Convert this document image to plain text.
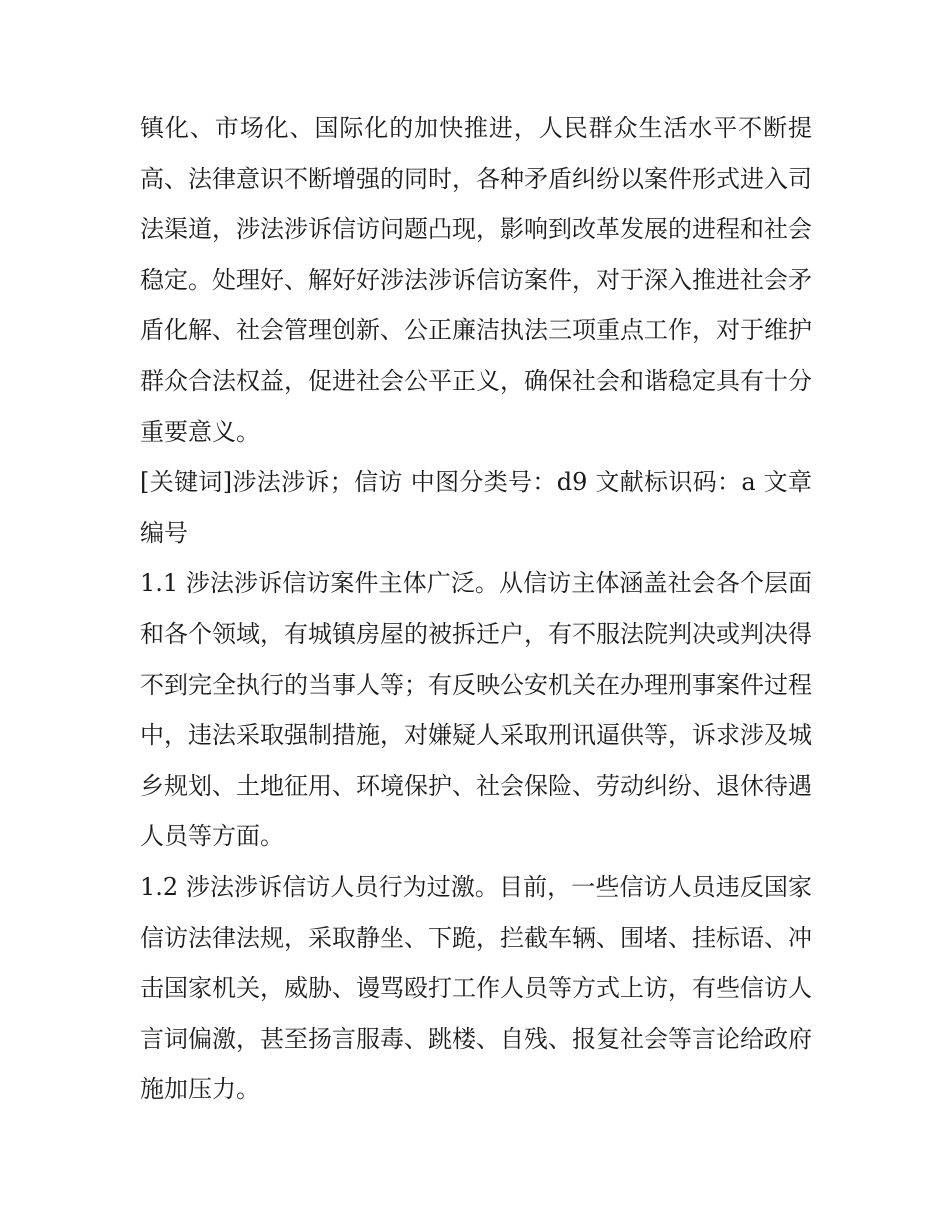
镇化、市场化、国际化的加快推进，人民群众生活水平不断提高、法律意识不断增强的同时，各种矛盾纠纷以案件形式进入司法渠道，涉法涉诉信访问题凸现，影响到改革发展的进程和社会稳定。处理好、解好好涉法涉诉信访案件，对于深入推进社会矛盾化解、社会管理创新、公正廉洁执法三项重点工作，对于维护群众合法权益，促进社会公平正义，确保社会和谐稳定具有十分重要意义。

[关键词]涉法涉诉；信访 中图分类号：d9 文献标识码：a 文章编号

1.1 涉法涉诉信访案件主体广泛。从信访主体涵盖社会各个层面和各个领域，有城镇房屋的被拆迁户，有不服法院判决或判决得不到完全执行的当事人等；有反映公安机关在办理刑事案件过程中，违法采取强制措施，对嫌疑人采取刑讯逼供等，诉求涉及城乡规划、土地征用、环境保护、社会保险、劳动纠纷、退休待遇人员等方面。

1.2 涉法涉诉信访人员行为过激。目前，一些信访人员违反国家信访法律法规，采取静坐、下跪，拦截车辆、围堵、挂标语、冲击国家机关，威胁、谩骂殴打工作人员等方式上访，有些信访人言词偏激，甚至扬言服毒、跳楼、自残、报复社会等言论给政府施加压力。
